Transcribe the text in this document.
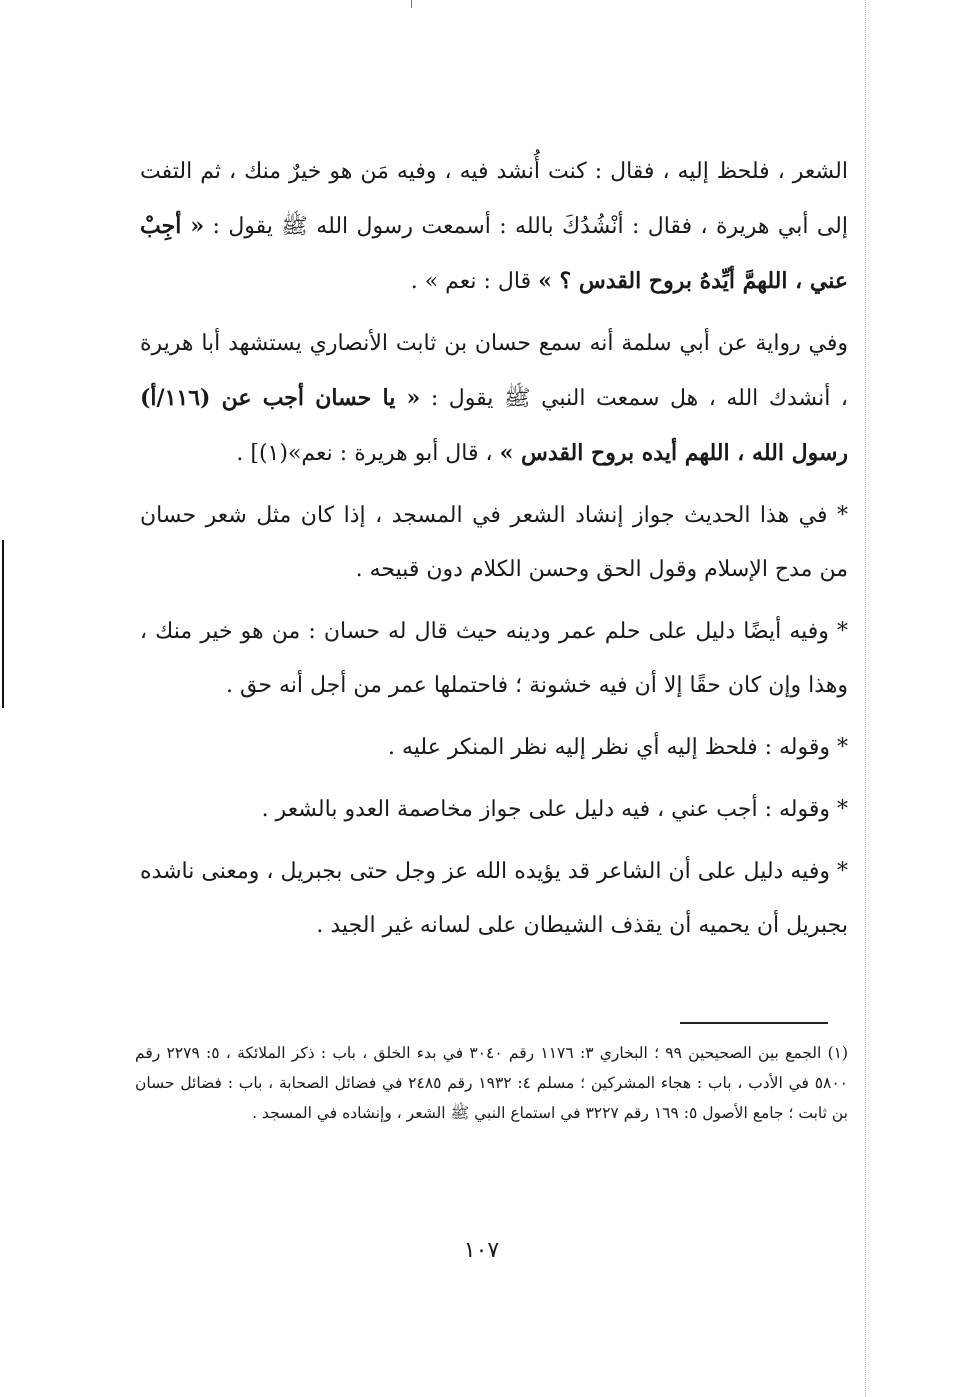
الشعر ، فلحظ إليه ، فقال : كنت أُنشد فيه ، وفيه مَن هو خيرٌ منك ، ثم التفت إلى أبي هريرة ، فقال : أنْشُدُكَ بالله : أسمعت رسول الله ﷺ يقول : « أجِبْ عني ، اللهمَّ أيِّدهُ بروح القدس ؟ » قال : نعم » .

وفي رواية عن أبي سلمة أنه سمع حسان بن ثابت الأنصاري يستشهد أبا هريرة ، أنشدك الله ، هل سمعت النبي ﷺ يقول : « يا حسان أجب عن (١١٦/أ) رسول الله ، اللهم أيده بروح القدس » ، قال أبو هريرة : نعم»(١)] .

* في هذا الحديث جواز إنشاد الشعر في المسجد ، إذا كان مثل شعر حسان من مدح الإسلام وقول الحق وحسن الكلام دون قبيحه .

* وفيه أيضًا دليل على حلم عمر ودينه حيث قال له حسان : من هو خير منك ، وهذا وإن كان حقًا إلا أن فيه خشونة ؛ فاحتملها عمر من أجل أنه حق .

* وقوله : فلحظ إليه أي نظر إليه نظر المنكر عليه .

* وقوله : أجب عني ، فيه دليل على جواز مخاصمة العدو بالشعر .

* وفيه دليل على أن الشاعر قد يؤيده الله عز وجل حتى بجبريل ، ومعنى ناشده بجبريل أن يحميه أن يقذف الشيطان على لسانه غير الجيد .

(١) الجمع بين الصحيحين ٩٩ ؛ البخاري ٣: ١١٧٦ رقم ٣٠٤٠ في بدء الخلق ، باب : ذكر الملائكة ، ٥: ٢٢٧٩ رقم ٥٨٠٠ في الأدب ، باب : هجاء المشركين ؛ مسلم ٤: ١٩٣٢ رقم ٢٤٨٥ في فضائل الصحابة ، باب : فضائل حسان بن ثابت ؛ جامع الأصول ٥: ١٦٩ رقم ٣٢٢٧ في استماع النبي ﷺ الشعر ، وإنشاده في المسجد .

١٠٧
